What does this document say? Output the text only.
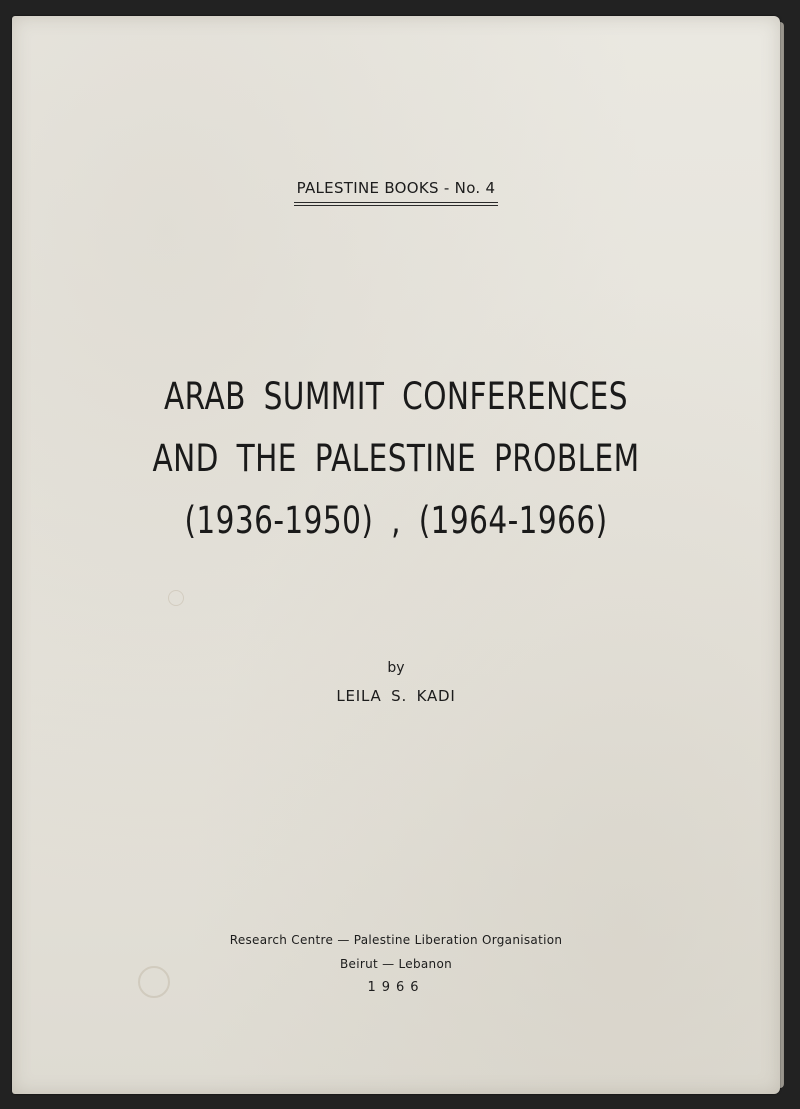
PALESTINE BOOKS - No. 4
ARAB SUMMIT CONFERENCES
AND THE PALESTINE PROBLEM
(1936-1950) , (1964-1966)
by
LEILA S. KADI
Research Centre — Palestine Liberation Organisation
Beirut — Lebanon
1966
